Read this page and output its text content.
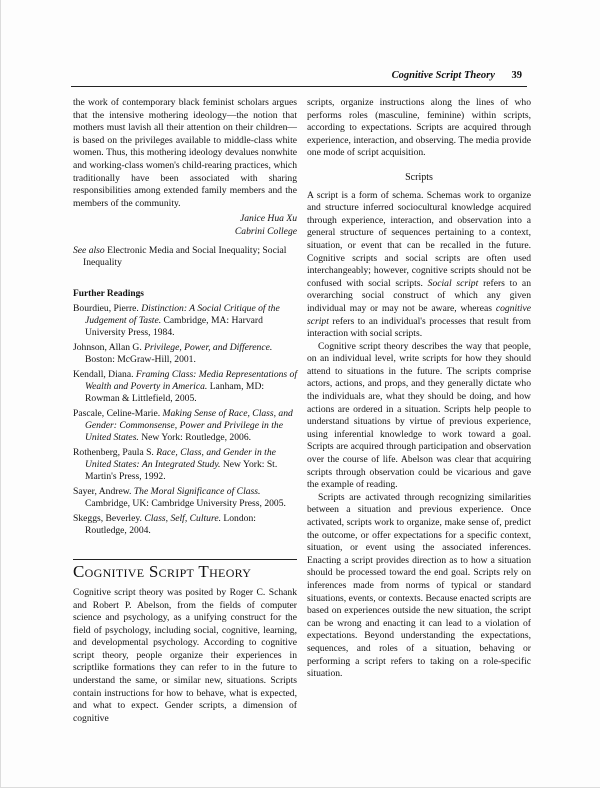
Cognitive Script Theory 39

the work of contemporary black feminist scholars argues that the intensive mothering ideology—the notion that mothers must lavish all their attention on their children—is based on the privileges available to middle-class white women. Thus, this mothering ideology devalues nonwhite and working-class women's child-rearing practices, which traditionally have been associated with sharing responsibilities among extended family members and the members of the community.

Janice Hua Xu
Cabrini College
See also Electronic Media and Social Inequality; Social Inequality
Further Readings
Bourdieu, Pierre. Distinction: A Social Critique of the Judgement of Taste. Cambridge, MA: Harvard University Press, 1984.
Johnson, Allan G. Privilege, Power, and Difference. Boston: McGraw-Hill, 2001.
Kendall, Diana. Framing Class: Media Representations of Wealth and Poverty in America. Lanham, MD: Rowman & Littlefield, 2005.
Pascale, Celine-Marie. Making Sense of Race, Class, and Gender: Commonsense, Power and Privilege in the United States. New York: Routledge, 2006.
Rothenberg, Paula S. Race, Class, and Gender in the United States: An Integrated Study. New York: St. Martin's Press, 1992.
Sayer, Andrew. The Moral Significance of Class. Cambridge, UK: Cambridge University Press, 2005.
Skeggs, Beverley. Class, Self, Culture. London: Routledge, 2004.
Cognitive Script Theory

Cognitive script theory was posited by Roger C. Schank and Robert P. Abelson, from the fields of computer science and psychology, as a unifying construct for the field of psychology, including social, cognitive, learning, and developmental psychology. According to cognitive script theory, people organize their experiences in scriptlike formations they can refer to in the future to understand the same, or similar new, situations. Scripts contain instructions for how to behave, what is expected, and what to expect. Gender scripts, a dimension of cognitive

scripts, organize instructions along the lines of who performs roles (masculine, feminine) within scripts, according to expectations. Scripts are acquired through experience, interaction, and observing. The media provide one mode of script acquisition.

Scripts

A script is a form of schema. Schemas work to organize and structure inferred sociocultural knowledge acquired through experience, interaction, and observation into a general structure of sequences pertaining to a context, situation, or event that can be recalled in the future. Cognitive scripts and social scripts are often used interchangeably; however, cognitive scripts should not be confused with social scripts. Social script refers to an overarching social construct of which any given individual may or may not be aware, whereas cognitive script refers to an individual's processes that result from interaction with social scripts.

Cognitive script theory describes the way that people, on an individual level, write scripts for how they should attend to situations in the future. The scripts comprise actors, actions, and props, and they generally dictate who the individuals are, what they should be doing, and how actions are ordered in a situation. Scripts help people to understand situations by virtue of previous experience, using inferential knowledge to work toward a goal. Scripts are acquired through participation and observation over the course of life. Abelson was clear that acquiring scripts through observation could be vicarious and gave the example of reading.

Scripts are activated through recognizing similarities between a situation and previous experience. Once activated, scripts work to organize, make sense of, predict the outcome, or offer expectations for a specific context, situation, or event using the associated inferences. Enacting a script provides direction as to how a situation should be processed toward the end goal. Scripts rely on inferences made from norms of typical or standard situations, events, or contexts. Because enacted scripts are based on experiences outside the new situation, the script can be wrong and enacting it can lead to a violation of expectations. Beyond understanding the expectations, sequences, and roles of a situation, behaving or performing a script refers to taking on a role-specific situation.
